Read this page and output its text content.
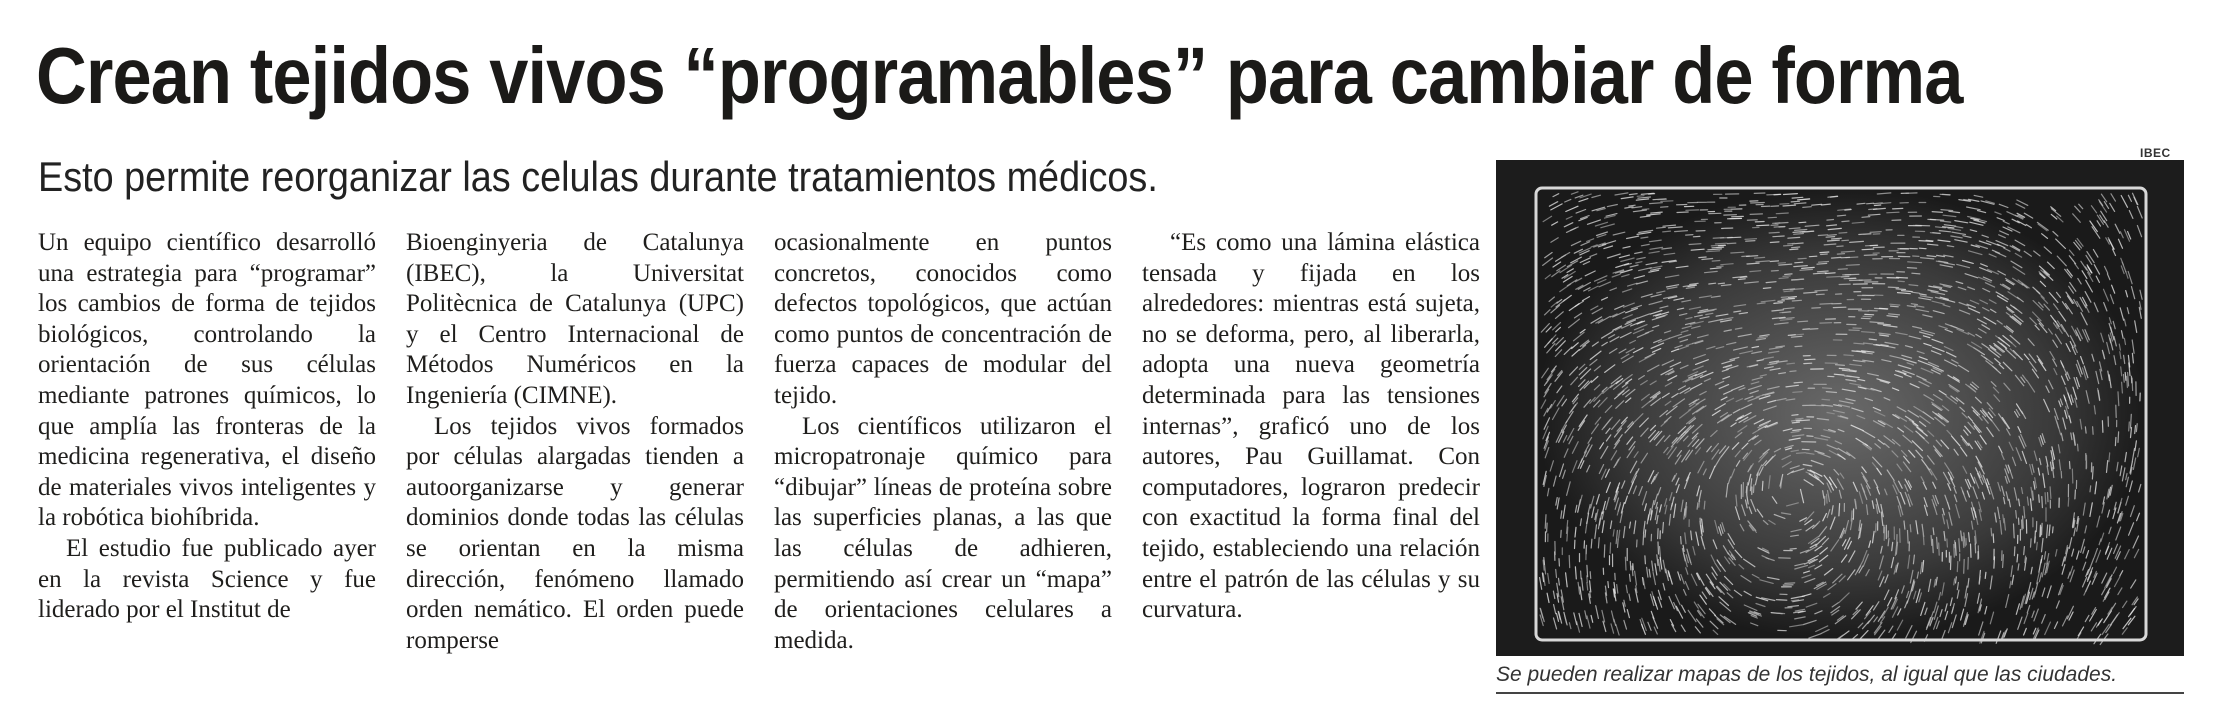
Crean tejidos vivos “programables” para cambiar de forma
Esto permite reorganizar las celulas durante tratamientos médicos.

Un equipo científico desarrolló una estrategia para “programar” los cambios de forma de tejidos biológicos, controlando la orientación de sus células mediante patrones químicos, lo que amplía las fronteras de la medicina regenerativa, el diseño de materiales vivos inteligentes y la robótica biohíbrida.

El estudio fue publicado ayer en la revista Science y fue liderado por el Institut de

Bioenginyeria de Catalunya (IBEC), la Universitat Politècnica de Catalunya (UPC) y el Centro Internacional de Métodos Numéricos en la Ingeniería (CIMNE).

Los tejidos vivos formados por células alargadas tienden a autoorganizarse y generar dominios donde todas las células se orientan en la misma dirección, fenómeno llamado orden nemático. El orden puede romperse

ocasionalmente en puntos concretos, conocidos como defectos topológicos, que actúan como puntos de concentración de fuerza capaces de modular del tejido.

Los científicos utilizaron el micropatronaje químico para “dibujar” líneas de proteína sobre las superficies planas, a las que las células de adhieren, permitiendo así crear un “mapa” de orientaciones celulares a medida.

“Es como una lámina elástica tensada y fijada en los alrededores: mientras está sujeta, no se deforma, pero, al liberarla, adopta una nueva geometría determinada para las tensiones internas”, graficó uno de los autores, Pau Guillamat. Con computadores, lograron predecir con exactitud la forma final del tejido, estableciendo una relación entre el patrón de las células y su curvatura.

IBEC
Se pueden realizar mapas de los tejidos, al igual que las ciudades.
